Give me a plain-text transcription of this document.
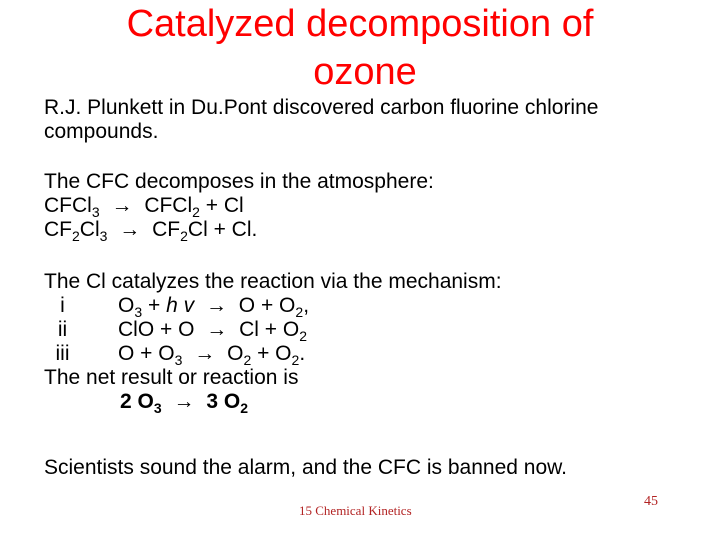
Catalyzed decomposition of
ozone
R.J. Plunkett in Du.Pont discovered carbon fluorine chlorine
compounds.
The CFC decomposes in the atmosphere:
CFCl$_3$ → CFCl$_2$ + Cl
$CF_2Cl_3 \to CF_2Cl + Cl$.
The Cl catalyzes the reaction via the mechanism:
i	$O_3 + h$ $v \to O + O_2$,
ii ClO + $O \to Cl + O_2$
iii $O + O_3 \to O_2 + O_2$.
The net result or reaction is
2 $O_3 \to 3$ $O_2$
Scientists sound the alarm, and the CFC is banned now.
15 Chemical Kinetics
45
